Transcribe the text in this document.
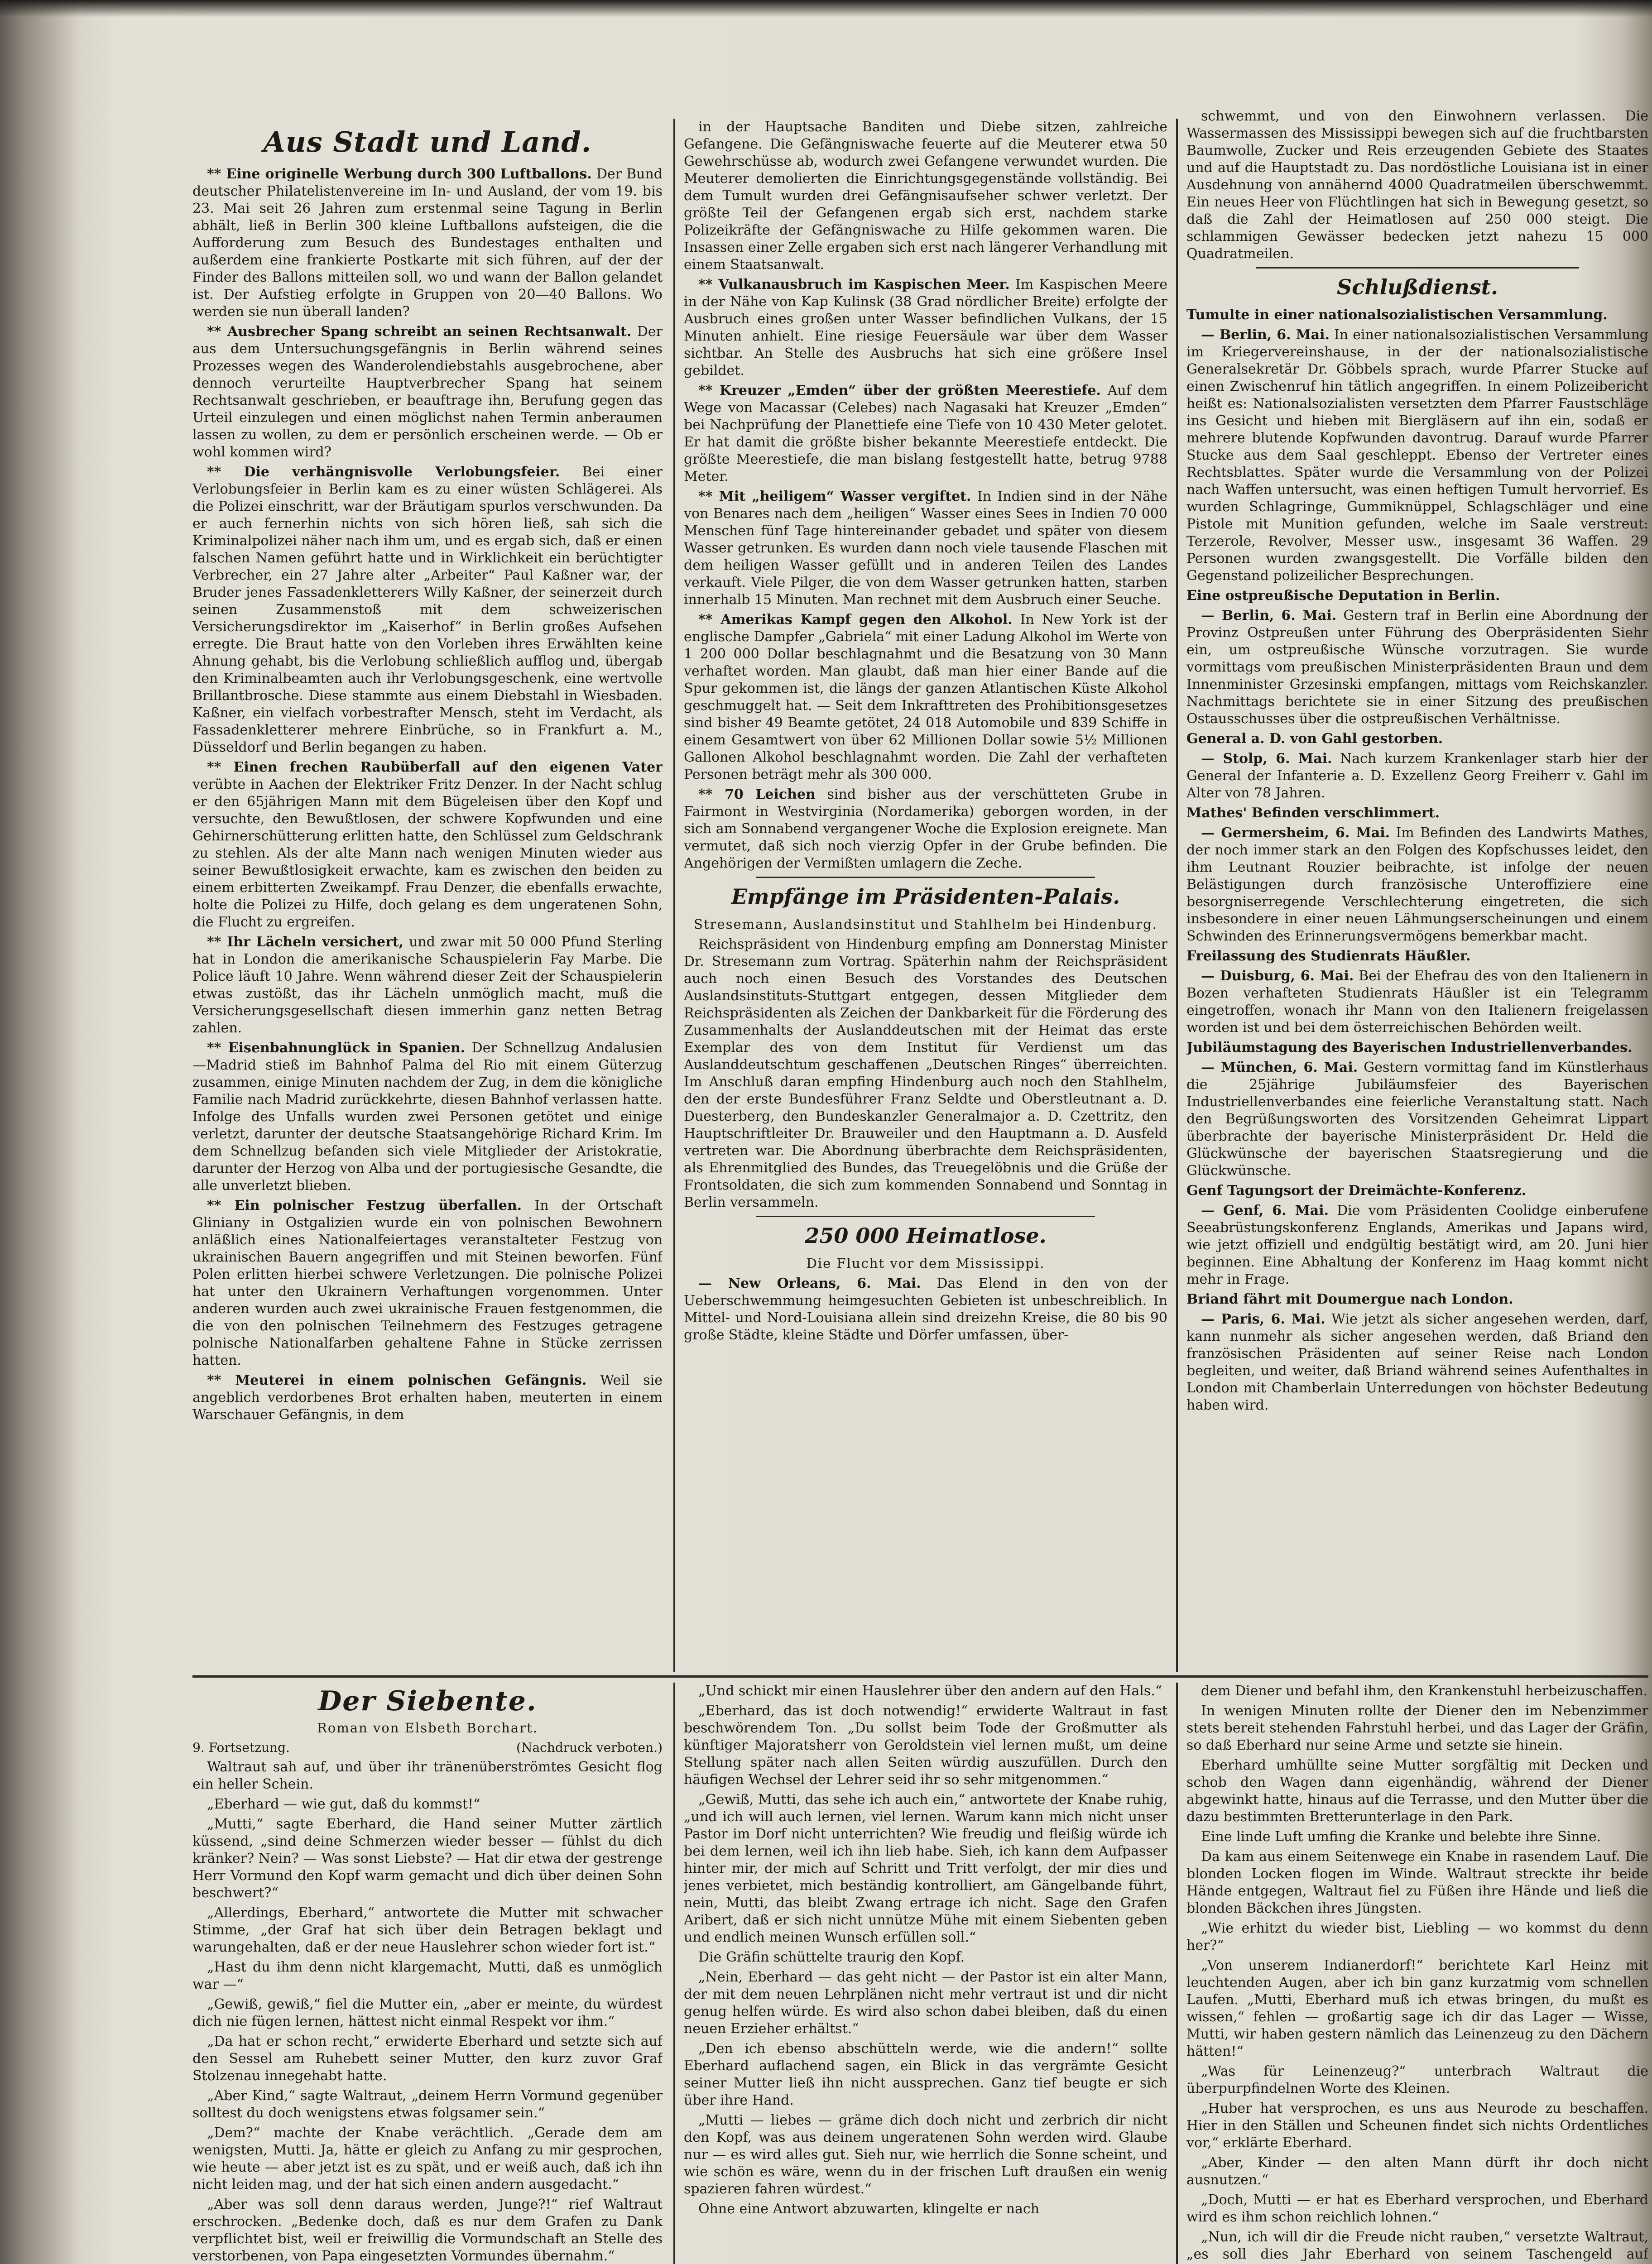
Aus Stadt und Land.

** Eine originelle Werbung durch 300 Luftballons. Der Bund deutscher Philatelistenvereine im In- und Ausland, der vom 19. bis 23. Mai seit 26 Jahren zum erstenmal seine Tagung in Berlin abhält, ließ in Berlin 300 kleine Luftballons aufsteigen, die die Aufforderung zum Besuch des Bundestages enthalten und außerdem eine frankierte Postkarte mit sich führen, auf der der Finder des Ballons mitteilen soll, wo und wann der Ballon gelandet ist. Der Aufstieg erfolgte in Gruppen von 20—40 Ballons. Wo werden sie nun überall landen?

** Ausbrecher Spang schreibt an seinen Rechtsanwalt. Der aus dem Untersuchungsgefängnis in Berlin während seines Prozesses wegen des Wanderolendiebstahls ausgebrochene, aber dennoch verurteilte Hauptverbrecher Spang hat seinem Rechtsanwalt geschrieben, er beauftrage ihn, Berufung gegen das Urteil einzulegen und einen möglichst nahen Termin anberaumen lassen zu wollen, zu dem er persönlich erscheinen werde. — Ob er wohl kommen wird?

** Die verhängnisvolle Verlobungsfeier. Bei einer Verlobungsfeier in Berlin kam es zu einer wüsten Schlägerei. Als die Polizei einschritt, war der Bräutigam spurlos verschwunden. Da er auch fernerhin nichts von sich hören ließ, sah sich die Kriminalpolizei näher nach ihm um, und es ergab sich, daß er einen falschen Namen geführt hatte und in Wirklichkeit ein berüchtigter Verbrecher, ein 27 Jahre alter „Arbeiter“ Paul Kaßner war, der Bruder jenes Fassadenkletterers Willy Kaßner, der seinerzeit durch seinen Zusammenstoß mit dem schweizerischen Versicherungsdirektor im „Kaiserhof“ in Berlin großes Aufsehen erregte. Die Braut hatte von den Vorleben ihres Erwählten keine Ahnung gehabt, bis die Verlobung schließlich aufflog und, übergab den Kriminalbeamten auch ihr Verlobungsgeschenk, eine wertvolle Brillantbrosche. Diese stammte aus einem Diebstahl in Wiesbaden. Kaßner, ein vielfach vorbestrafter Mensch, steht im Verdacht, als Fassadenkletterer mehrere Einbrüche, so in Frankfurt a. M., Düsseldorf und Berlin begangen zu haben.

** Einen frechen Raubüberfall auf den eigenen Vater verübte in Aachen der Elektriker Fritz Denzer. In der Nacht schlug er den 65jährigen Mann mit dem Bügeleisen über den Kopf und versuchte, den Bewußtlosen, der schwere Kopfwunden und eine Gehirnerschütterung erlitten hatte, den Schlüssel zum Geldschrank zu stehlen. Als der alte Mann nach wenigen Minuten wieder aus seiner Bewußtlosigkeit erwachte, kam es zwischen den beiden zu einem erbitterten Zweikampf. Frau Denzer, die ebenfalls erwachte, holte die Polizei zu Hilfe, doch gelang es dem ungeratenen Sohn, die Flucht zu ergreifen.

** Ihr Lächeln versichert, und zwar mit 50 000 Pfund Sterling hat in London die amerikanische Schauspielerin Fay Marbe. Die Police läuft 10 Jahre. Wenn während dieser Zeit der Schauspielerin etwas zustößt, das ihr Lächeln unmöglich macht, muß die Versicherungsgesellschaft diesen immerhin ganz netten Betrag zahlen.

** Eisenbahnunglück in Spanien. Der Schnellzug Andalusien—Madrid stieß im Bahnhof Palma del Rio mit einem Güterzug zusammen, einige Minuten nachdem der Zug, in dem die königliche Familie nach Madrid zurückkehrte, diesen Bahnhof verlassen hatte. Infolge des Unfalls wurden zwei Personen getötet und einige verletzt, darunter der deutsche Staatsangehörige Richard Krim. Im dem Schnellzug befanden sich viele Mitglieder der Aristokratie, darunter der Herzog von Alba und der portugiesische Gesandte, die alle unverletzt blieben.

** Ein polnischer Festzug überfallen. In der Ortschaft Gliniany in Ostgalizien wurde ein von polnischen Bewohnern anläßlich eines Nationalfeiertages veranstalteter Festzug von ukrainischen Bauern angegriffen und mit Steinen beworfen. Fünf Polen erlitten hierbei schwere Verletzungen. Die polnische Polizei hat unter den Ukrainern Verhaftungen vorgenommen. Unter anderen wurden auch zwei ukrainische Frauen festgenommen, die die von den polnischen Teilnehmern des Festzuges getragene polnische Nationalfarben gehaltene Fahne in Stücke zerrissen hatten.

** Meuterei in einem polnischen Gefängnis. Weil sie angeblich verdorbenes Brot erhalten haben, meuterten in einem Warschauer Gefängnis, in dem

in der Hauptsache Banditen und Diebe sitzen, zahlreiche Gefangene. Die Gefängniswache feuerte auf die Meuterer etwa 50 Gewehrschüsse ab, wodurch zwei Gefangene verwundet wurden. Die Meuterer demolierten die Einrichtungsgegenstände vollständig. Bei dem Tumult wurden drei Gefängnisaufseher schwer verletzt. Der größte Teil der Gefangenen ergab sich erst, nachdem starke Polizeikräfte der Gefängniswache zu Hilfe gekommen waren. Die Insassen einer Zelle ergaben sich erst nach längerer Verhandlung mit einem Staatsanwalt.

** Vulkanausbruch im Kaspischen Meer. Im Kaspischen Meere in der Nähe von Kap Kulinsk (38 Grad nördlicher Breite) erfolgte der Ausbruch eines großen unter Wasser befindlichen Vulkans, der 15 Minuten anhielt. Eine riesige Feuersäule war über dem Wasser sichtbar. An Stelle des Ausbruchs hat sich eine größere Insel gebildet.

** Kreuzer „Emden“ über der größten Meerestiefe. Auf dem Wege von Macassar (Celebes) nach Nagasaki hat Kreuzer „Emden“ bei Nachprüfung der Planettiefe eine Tiefe von 10 430 Meter gelotet. Er hat damit die größte bisher bekannte Meerestiefe entdeckt. Die größte Meerestiefe, die man bislang festgestellt hatte, betrug 9788 Meter.

** Mit „heiligem“ Wasser vergiftet. In Indien sind in der Nähe von Benares nach dem „heiligen“ Wasser eines Sees in Indien 70 000 Menschen fünf Tage hintereinander gebadet und später von diesem Wasser getrunken. Es wurden dann noch viele tausende Flaschen mit dem heiligen Wasser gefüllt und in anderen Teilen des Landes verkauft. Viele Pilger, die von dem Wasser getrunken hatten, starben innerhalb 15 Minuten. Man rechnet mit dem Ausbruch einer Seuche.

** Amerikas Kampf gegen den Alkohol. In New York ist der englische Dampfer „Gabriela“ mit einer Ladung Alkohol im Werte von 1 200 000 Dollar beschlagnahmt und die Besatzung von 30 Mann verhaftet worden. Man glaubt, daß man hier einer Bande auf die Spur gekommen ist, die längs der ganzen Atlantischen Küste Alkohol geschmuggelt hat. — Seit dem Inkrafttreten des Prohibitionsgesetzes sind bisher 49 Beamte getötet, 24 018 Automobile und 839 Schiffe in einem Gesamtwert von über 62 Millionen Dollar sowie 5½ Millionen Gallonen Alkohol beschlagnahmt worden. Die Zahl der verhafteten Personen beträgt mehr als 300 000.

** 70 Leichen sind bisher aus der verschütteten Grube in Fairmont in Westvirginia (Nordamerika) geborgen worden, in der sich am Sonnabend vergangener Woche die Explosion ereignete. Man vermutet, daß sich noch vierzig Opfer in der Grube befinden. Die Angehörigen der Vermißten umlagern die Zeche.

Empfänge im Präsidenten-Palais.
Stresemann, Auslandsinstitut und Stahlhelm bei Hindenburg.

Reichspräsident von Hindenburg empfing am Donnerstag Minister Dr. Stresemann zum Vortrag. Späterhin nahm der Reichspräsident auch noch einen Besuch des Vorstandes des Deutschen Auslandsinstituts-Stuttgart entgegen, dessen Mitglieder dem Reichspräsidenten als Zeichen der Dankbarkeit für die Förderung des Zusammenhalts der Auslanddeutschen mit der Heimat das erste Exemplar des von dem Institut für Verdienst um das Auslanddeutschtum geschaffenen „Deutschen Ringes“ überreichten. Im Anschluß daran empfing Hindenburg auch noch den Stahlhelm, den der erste Bundesführer Franz Seldte und Oberstleutnant a. D. Duesterberg, den Bundeskanzler Generalmajor a. D. Czettritz, den Hauptschriftleiter Dr. Brauweiler und den Hauptmann a. D. Ausfeld vertreten war. Die Abordnung überbrachte dem Reichspräsidenten, als Ehrenmitglied des Bundes, das Treuegelöbnis und die Grüße der Frontsoldaten, die sich zum kommenden Sonnabend und Sonntag in Berlin versammeln.

250 000 Heimatlose.
Die Flucht vor dem Mississippi.

— New Orleans, 6. Mai. Das Elend in den von der Ueberschwemmung heimgesuchten Gebieten ist unbeschreiblich. In Mittel- und Nord-Louisiana allein sind dreizehn Kreise, die 80 bis 90 große Städte, kleine Städte und Dörfer umfassen, über-

schwemmt, und von den Einwohnern verlassen. Die Wassermassen des Mississippi bewegen sich auf die fruchtbarsten Baumwolle, Zucker und Reis erzeugenden Gebiete des Staates und auf die Hauptstadt zu. Das nordöstliche Louisiana ist in einer Ausdehnung von annähernd 4000 Quadratmeilen überschwemmt. Ein neues Heer von Flüchtlingen hat sich in Bewegung gesetzt, so daß die Zahl der Heimatlosen auf 250 000 steigt. Die schlammigen Gewässer bedecken jetzt nahezu 15 000 Quadratmeilen.

Schlußdienst.

Tumulte in einer nationalsozialistischen Versammlung.

— Berlin, 6. Mai. In einer nationalsozialistischen Versammlung im Kriegervereinshause, in der der nationalsozialistische Generalsekretär Dr. Göbbels sprach, wurde Pfarrer Stucke auf einen Zwischenruf hin tätlich angegriffen. In einem Polizeibericht heißt es: Nationalsozialisten versetzten dem Pfarrer Faustschläge ins Gesicht und hieben mit Biergläsern auf ihn ein, sodaß er mehrere blutende Kopfwunden davontrug. Darauf wurde Pfarrer Stucke aus dem Saal geschleppt. Ebenso der Vertreter eines Rechtsblattes. Später wurde die Versammlung von der Polizei nach Waffen untersucht, was einen heftigen Tumult hervorrief. Es wurden Schlagringe, Gummiknüppel, Schlagschläger und eine Pistole mit Munition gefunden, welche im Saale verstreut: Terzerole, Revolver, Messer usw., insgesamt 36 Waffen. 29 Personen wurden zwangsgestellt. Die Vorfälle bilden den Gegenstand polizeilicher Besprechungen.

Eine ostpreußische Deputation in Berlin.

— Berlin, 6. Mai. Gestern traf in Berlin eine Abordnung der Provinz Ostpreußen unter Führung des Oberpräsidenten Siehr ein, um ostpreußische Wünsche vorzutragen. Sie wurde vormittags vom preußischen Ministerpräsidenten Braun und dem Innenminister Grzesinski empfangen, mittags vom Reichskanzler. Nachmittags berichtete sie in einer Sitzung des preußischen Ostausschusses über die ostpreußischen Verhältnisse.

General a. D. von Gahl gestorben.

— Stolp, 6. Mai. Nach kurzem Krankenlager starb hier der General der Infanterie a. D. Exzellenz Georg Freiherr v. Gahl im Alter von 78 Jahren.

Mathes' Befinden verschlimmert.

— Germersheim, 6. Mai. Im Befinden des Landwirts Mathes, der noch immer stark an den Folgen des Kopfschusses leidet, den ihm Leutnant Rouzier beibrachte, ist infolge der neuen Belästigungen durch französische Unteroffiziere eine besorgniserregende Verschlechterung eingetreten, die sich insbesondere in einer neuen Lähmungserscheinungen und einem Schwinden des Erinnerungsvermögens bemerkbar macht.

Freilassung des Studienrats Häußler.

— Duisburg, 6. Mai. Bei der Ehefrau des von den Italienern in Bozen verhafteten Studienrats Häußler ist ein Telegramm eingetroffen, wonach ihr Mann von den Italienern freigelassen worden ist und bei dem österreichischen Behörden weilt.

Jubiläumstagung des Bayerischen Industriellenverbandes.

— München, 6. Mai. Gestern vormittag fand im Künstlerhaus die 25jährige Jubiläumsfeier des Bayerischen Industriellenverbandes eine feierliche Veranstaltung statt. Nach den Begrüßungsworten des Vorsitzenden Geheimrat Lippart überbrachte der bayerische Ministerpräsident Dr. Held die Glückwünsche der bayerischen Staatsregierung und die Glückwünsche.

Genf Tagungsort der Dreimächte-Konferenz.

— Genf, 6. Mai. Die vom Präsidenten Coolidge einberufene Seeabrüstungskonferenz Englands, Amerikas und Japans wird, wie jetzt offiziell und endgültig bestätigt wird, am 20. Juni hier beginnen. Eine Abhaltung der Konferenz im Haag kommt nicht mehr in Frage.

Briand fährt mit Doumergue nach London.

— Paris, 6. Mai. Wie jetzt als sicher angesehen werden, darf, kann nunmehr als sicher angesehen werden, daß Briand den französischen Präsidenten auf seiner Reise nach London begleiten, und weiter, daß Briand während seines Aufenthaltes in London mit Chamberlain Unterredungen von höchster Bedeutung haben wird.

Der Siebente.
Roman von Elsbeth Borchart.
9. Fortsetzung.	(Nachdruck verboten.)

Waltraut sah auf, und über ihr tränenüberströmtes Gesicht flog ein heller Schein.

„Eberhard — wie gut, daß du kommst!“

„Mutti,“ sagte Eberhard, die Hand seiner Mutter zärtlich küssend, „sind deine Schmerzen wieder besser — fühlst du dich kränker? Nein? — Was sonst Liebste? — Hat dir etwa der gestrenge Herr Vormund den Kopf warm gemacht und dich über deinen Sohn beschwert?“

„Allerdings, Eberhard,“ antwortete die Mutter mit schwacher Stimme, „der Graf hat sich über dein Betragen beklagt und warungehalten, daß er der neue Hauslehrer schon wieder fort ist.“

„Hast du ihm denn nicht klargemacht, Mutti, daß es unmöglich war —“

„Gewiß, gewiß,“ fiel die Mutter ein, „aber er meinte, du würdest dich nie fügen lernen, hättest nicht einmal Respekt vor ihm.“

„Da hat er schon recht,“ erwiderte Eberhard und setzte sich auf den Sessel am Ruhebett seiner Mutter, den kurz zuvor Graf Stolzenau innegehabt hatte.

„Aber Kind,“ sagte Waltraut, „deinem Herrn Vormund gegenüber solltest du doch wenigstens etwas folgsamer sein.“

„Dem?“ machte der Knabe verächtlich. „Gerade dem am wenigsten, Mutti. Ja, hätte er gleich zu Anfang zu mir gesprochen, wie heute — aber jetzt ist es zu spät, und er weiß auch, daß ich ihn nicht leiden mag, und der hat sich einen andern ausgedacht.“

„Aber was soll denn daraus werden, Junge?!“ rief Waltraut erschrocken. „Bedenke doch, daß es nur dem Grafen zu Dank verpflichtet bist, weil er freiwillig die Vormundschaft an Stelle des verstorbenen, von Papa eingesetzten Vormundes übernahm.“

„Und schickt mir einen Hauslehrer über den andern auf den Hals.“

„Eberhard, das ist doch notwendig!“ erwiderte Waltraut in fast beschwörendem Ton. „Du sollst beim Tode der Großmutter als künftiger Majoratsherr von Geroldstein viel lernen mußt, um deine Stellung später nach allen Seiten würdig auszufüllen. Durch den häufigen Wechsel der Lehrer seid ihr so sehr mitgenommen.“

„Gewiß, Mutti, das sehe ich auch ein,“ antwortete der Knabe ruhig, „und ich will auch lernen, viel lernen. Warum kann mich nicht unser Pastor im Dorf nicht unterrichten? Wie freudig und fleißig würde ich bei dem lernen, weil ich ihn lieb habe. Sieh, ich kann dem Aufpasser hinter mir, der mich auf Schritt und Tritt verfolgt, der mir dies und jenes verbietet, mich beständig kontrolliert, am Gängelbande führt, nein, Mutti, das bleibt Zwang ertrage ich nicht. Sage den Grafen Aribert, daß er sich nicht unnütze Mühe mit einem Siebenten geben und endlich meinen Wunsch erfüllen soll.“

Die Gräfin schüttelte traurig den Kopf.

„Nein, Eberhard — das geht nicht — der Pastor ist ein alter Mann, der mit dem neuen Lehrplänen nicht mehr vertraut ist und dir nicht genug helfen würde. Es wird also schon dabei bleiben, daß du einen neuen Erzieher erhältst.“

„Den ich ebenso abschütteln werde, wie die andern!“ sollte Eberhard auflachend sagen, ein Blick in das vergrämte Gesicht seiner Mutter ließ ihn nicht aussprechen. Ganz tief beugte er sich über ihre Hand.

„Mutti — liebes — gräme dich doch nicht und zerbrich dir nicht den Kopf, was aus deinem ungeratenen Sohn werden wird. Glaube nur — es wird alles gut. Sieh nur, wie herrlich die Sonne scheint, und wie schön es wäre, wenn du in der frischen Luft draußen ein wenig spazieren fahren würdest.“

Ohne eine Antwort abzuwarten, klingelte er nach

dem Diener und befahl ihm, den Krankenstuhl herbeizuschaffen.

In wenigen Minuten rollte der Diener den im Nebenzimmer stets bereit stehenden Fahrstuhl herbei, und das Lager der Gräfin, so daß Eberhard nur seine Arme und setzte sie hinein.

Eberhard umhüllte seine Mutter sorgfältig mit Decken und schob den Wagen dann eigenhändig, während der Diener abgewinkt hatte, hinaus auf die Terrasse, und den Mutter über die dazu bestimmten Bretterunterlage in den Park.

Eine linde Luft umfing die Kranke und belebte ihre Sinne.

Da kam aus einem Seitenwege ein Knabe in rasendem Lauf. Die blonden Locken flogen im Winde. Waltraut streckte ihr beide Hände entgegen, Waltraut fiel zu Füßen ihre Hände und ließ die blonden Bäckchen ihres Jüngsten.

„Wie erhitzt du wieder bist, Liebling — wo kommst du denn her?“

„Von unserem Indianerdorf!“ berichtete Karl Heinz mit leuchtenden Augen, aber ich bin ganz kurzatmig vom schnellen Laufen. „Mutti, Eberhard muß ich etwas bringen, du mußt es wissen,“ fehlen — großartig sage ich dir das Lager — Wisse, Mutti, wir haben gestern nämlich das Leinenzeug zu den Dächern hätten!“

„Was für Leinenzeug?“ unterbrach Waltraut die überpurpfindelnen Worte des Kleinen.

„Huber hat versprochen, es uns aus Neurode zu beschaffen. Hier in den Ställen und Scheunen findet sich nichts Ordentliches vor,“ erklärte Eberhard.

„Aber, Kinder — den alten Mann dürft ihr doch nicht ausnutzen.“

„Doch, Mutti — er hat es Eberhard versprochen, und Eberhard wird es ihm schon reichlich lohnen.“

„Nun, ich will dir die Freude nicht rauben,“ versetzte Waltraut, „es soll dies Jahr Eberhard von seinem Taschengeld auf
